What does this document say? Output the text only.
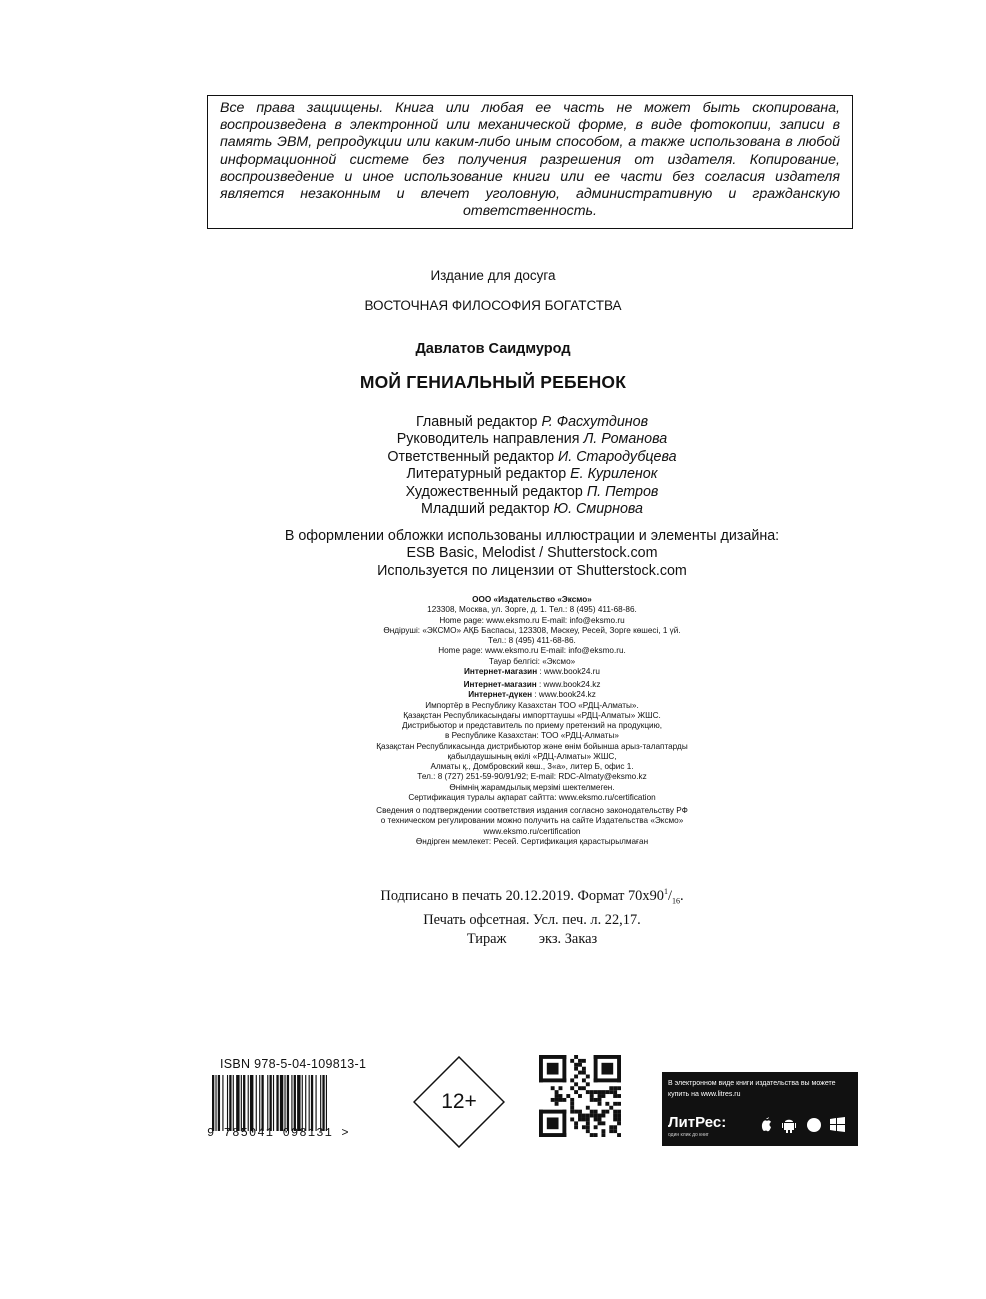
Все права защищены. Книга или любая ее часть не может быть скопирована, воспроизведена в электронной или механической форме, в виде фотокопии, записи в память ЭВМ, репродукции или каким-либо иным способом, а также использована в любой информационной системе без получения разрешения от издателя. Копирование, воспроизведение и иное использование книги или ее части без согласия издателя является незаконным и влечет уголовную, административную и гражданскую ответственность.
Издание для досуга
ВОСТОЧНАЯ ФИЛОСОФИЯ БОГАТСТВА
Давлатов Саидмурод
МОЙ ГЕНИАЛЬНЫЙ РЕБЕНОК
Главный редактор Р. Фасхутдинов
Руководитель направления Л. Романова
Ответственный редактор И. Стародубцева
Литературный редактор Е. Куриленок
Художественный редактор П. Петров
Младший редактор Ю. Смирнова
В оформлении обложки использованы иллюстрации и элементы дизайна:
ESB Basic, Melodist / Shutterstock.com
Используется по лицензии от Shutterstock.com
ООО «Издательство «Эксмо»
123308, Москва, ул. Зорге, д. 1. Тел.: 8 (495) 411-68-86.
Home page: www.eksmo.ru E-mail: info@eksmo.ru
Өндіруші: «ЭКСМО» АҚБ Баспасы, 123308, Мәскеу, Ресей, Зорге көшесі, 1 үй.
Тел.: 8 (495) 411-68-86.
Home page: www.eksmo.ru E-mail: info@eksmo.ru.
Тауар белгісі: «Эксмо»
Интернет-магазин : www.book24.ru
Интернет-магазин : www.book24.kz
Интернет-дүкен : www.book24.kz
Импортёр в Республику Казахстан ТОО «РДЦ-Алматы».
Қазақстан Республикасындағы импорттаушы «РДЦ-Алматы» ЖШС.
Дистрибьютор и представитель по приему претензий на продукцию,
в Республике Казахстан: ТОО «РДЦ-Алматы»
Қазақстан Республикасында дистрибьютор және өнім бойынша арыз-талаптарды
қабылдаушының өкілі «РДЦ-Алматы» ЖШС,
Алматы қ., Домбровский көш., 3«а», литер Б, офис 1.
Тел.: 8 (727) 251-59-90/91/92; E-mail: RDC-Almaty@eksmo.kz
Өнімнің жарамдылық мерзімі шектелмеген.
Сертификация туралы ақпарат сайтта: www.eksmo.ru/certification
Сведения о подтверждении соответствия издания согласно законодательству РФ
о техническом регулировании можно получить на сайте Издательства «Эксмо»
www.eksmo.ru/certification
Өндірген мемлекет: Ресей. Сертификация қарастырылмаған
Подписано в печать 20.12.2019. Формат $70x90^1/_{16}$.
Печать офсетная. Усл. печ. л. 22,17.
Тираж         экз. Заказ
ISBN 978-5-04-109813-1
9 785041 098131 >
12+
В электронном виде книги издательства вы можете купить на www.litres.ru
ЛитРес:
один клик до книг
